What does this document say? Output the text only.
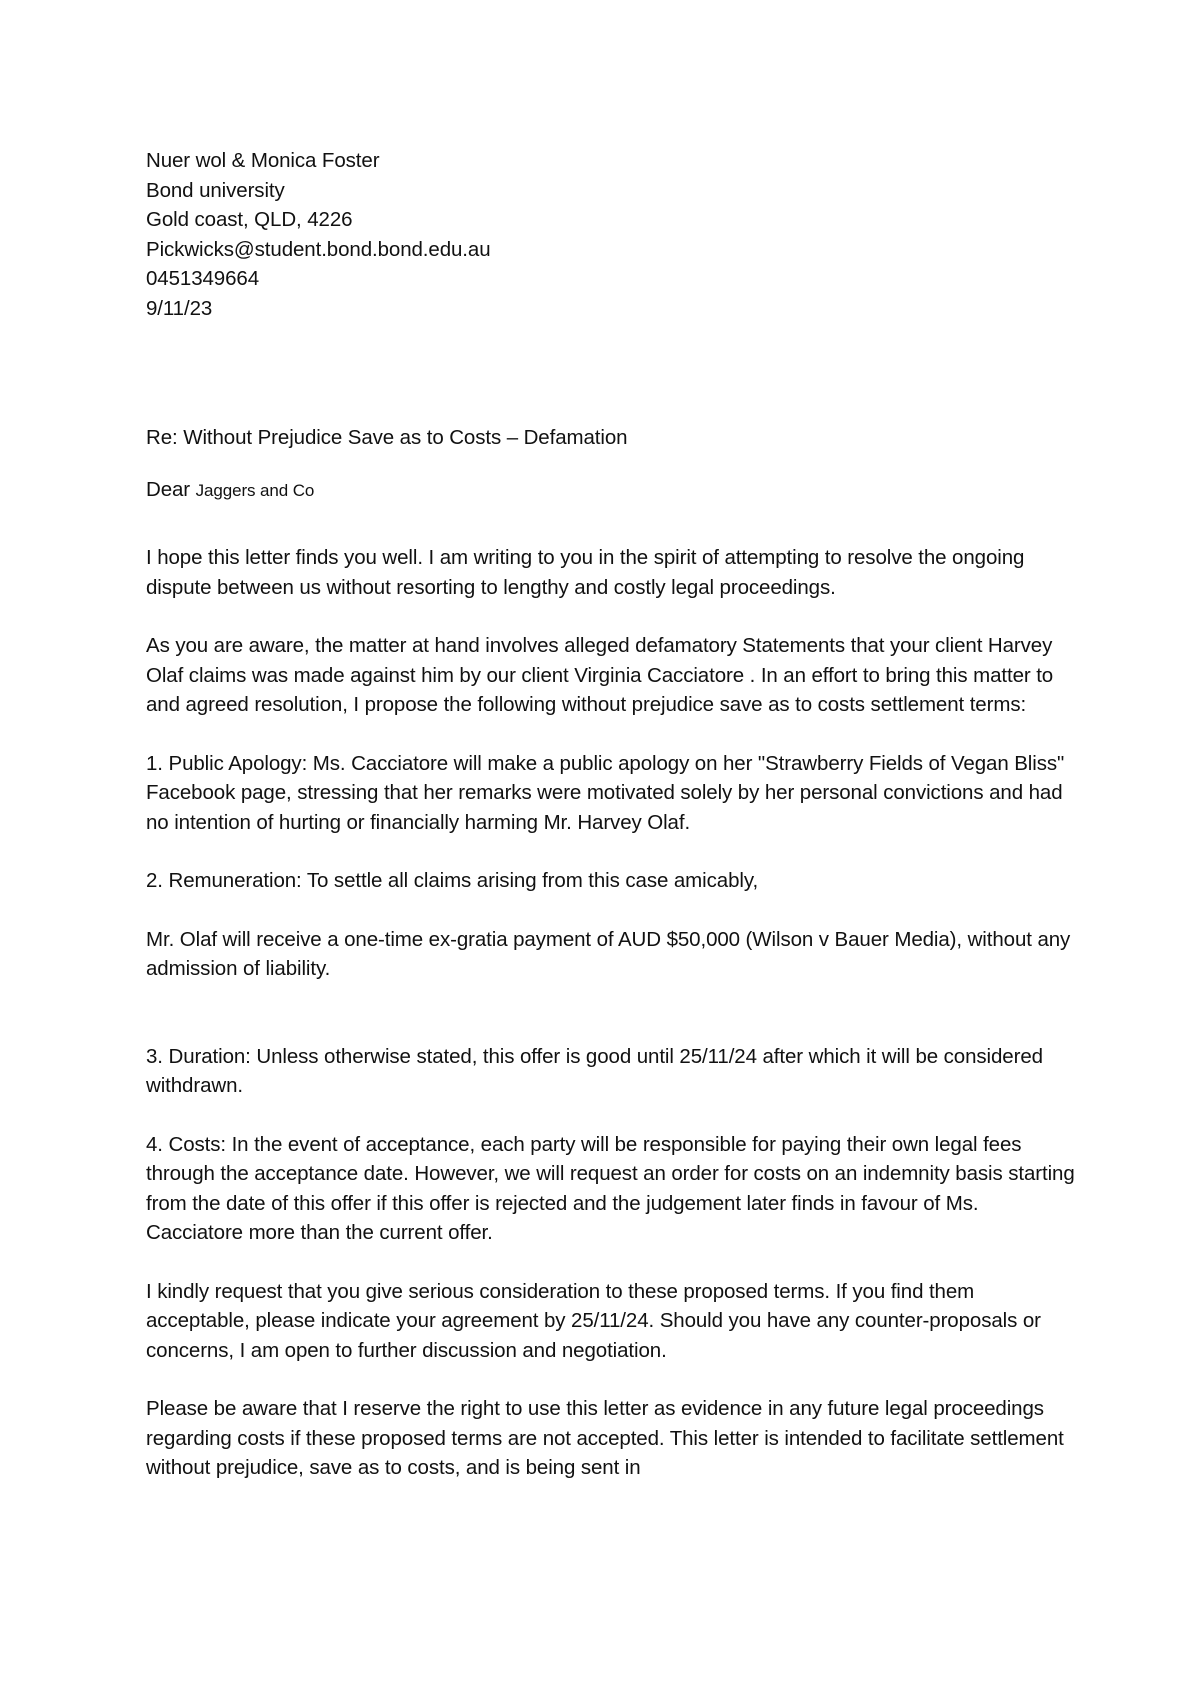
Nuer wol & Monica Foster
Bond university
Gold coast, QLD, 4226
Pickwicks@student.bond.bond.edu.au
0451349664
9/11/23
Re: Without Prejudice Save as to Costs – Defamation
Dear Jaggers and Co

I hope this letter finds you well. I am writing to you in the spirit of attempting to resolve the ongoing dispute between us without resorting to lengthy and costly legal proceedings.

As you are aware, the matter at hand involves alleged defamatory Statements that your client Harvey Olaf claims was made against him by our client Virginia Cacciatore . In an effort to bring this matter to and agreed resolution, I propose the following without prejudice save as to costs settlement terms:

1. Public Apology: Ms. Cacciatore will make a public apology on her "Strawberry Fields of Vegan Bliss" Facebook page, stressing that her remarks were motivated solely by her personal convictions and had no intention of hurting or financially harming Mr. Harvey Olaf.

2. Remuneration: To settle all claims arising from this case amicably,

Mr. Olaf will receive a one-time ex-gratia payment of AUD $50,000 (Wilson v Bauer Media), without any admission of liability.

3. Duration: Unless otherwise stated, this offer is good until 25/11/24 after which it will be considered withdrawn.

4. Costs: In the event of acceptance, each party will be responsible for paying their own legal fees through the acceptance date. However, we will request an order for costs on an indemnity basis starting from the date of this offer if this offer is rejected and the judgement later finds in favour of Ms. Cacciatore more than the current offer.

I kindly request that you give serious consideration to these proposed terms. If you find them acceptable, please indicate your agreement by 25/11/24. Should you have any counter-proposals or concerns, I am open to further discussion and negotiation.

Please be aware that I reserve the right to use this letter as evidence in any future legal proceedings regarding costs if these proposed terms are not accepted. This letter is intended to facilitate settlement without prejudice, save as to costs, and is being sent in
